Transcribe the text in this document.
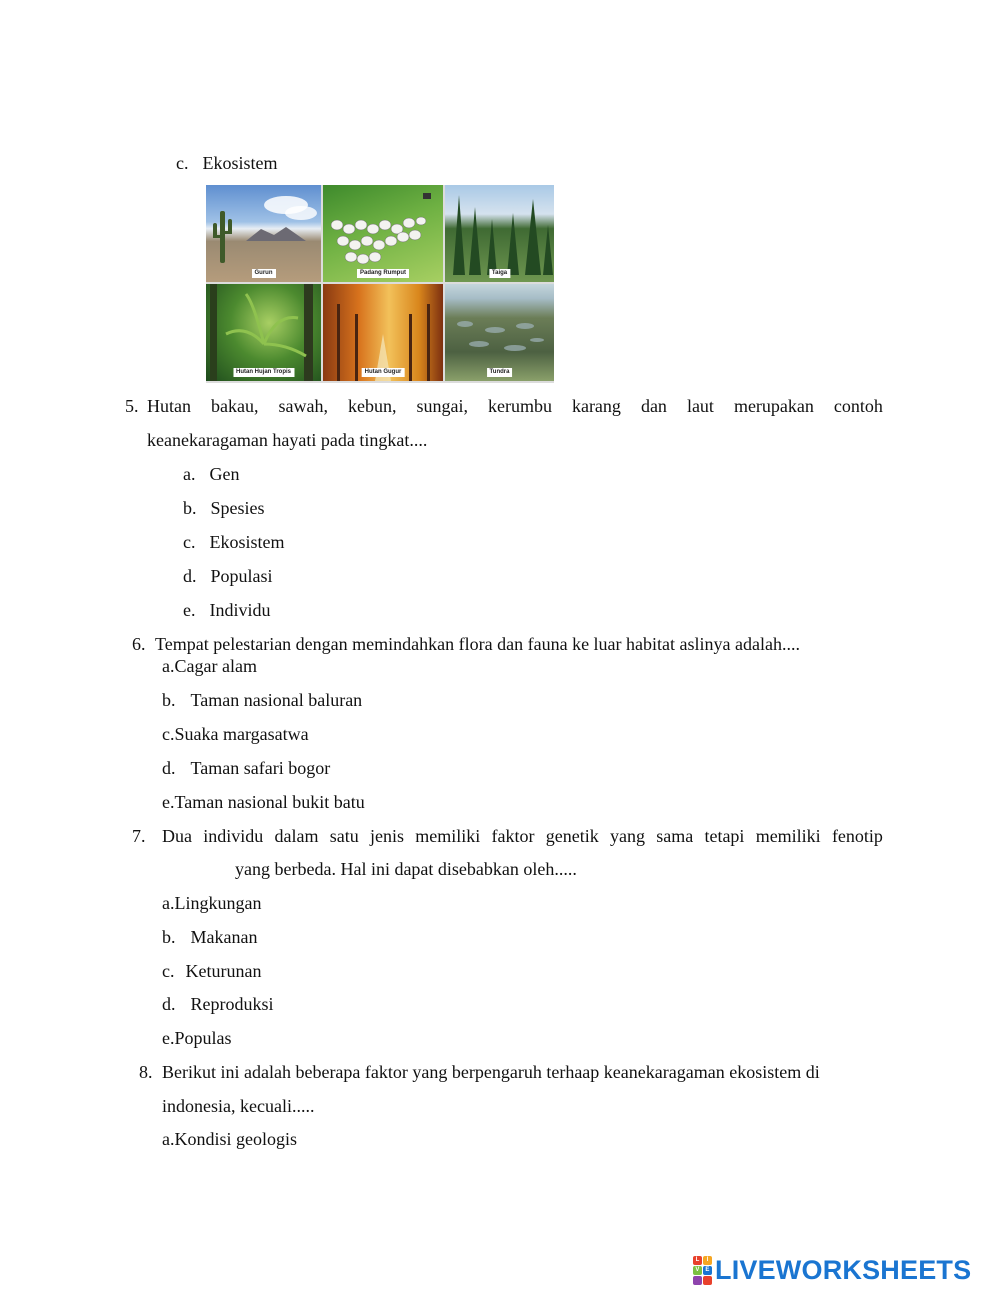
c. Ekosistem
Gurun	Padang Rumput	Taiga
Hutan Hujan Tropis	Hutan Gugur	Tundra
5. Hutan bakau, sawah, kebun, sungai, kerumbu karang dan laut merupakan contoh
keanekaragaman hayati pada tingkat....
a. Gen
b. Spesies
c. Ekosistem
d. Populasi
e. Individu
6. Tempat pelestarian dengan memindahkan flora dan fauna ke luar habitat aslinya adalah....
a.Cagar alam
b. Taman nasional baluran
c.Suaka margasatwa
d. Taman safari bogor
e.Taman nasional bukit batu
7. Dua individu dalam satu jenis memiliki faktor genetik yang sama tetapi memiliki fenotip
yang berbeda. Hal ini dapat disebabkan oleh.....
a.Lingkungan
b. Makanan
c. Keturunan
d. Reproduksi
e.Populas
8. Berikut ini adalah beberapa faktor yang berpengaruh terhaap keanekaragaman ekosistem di
indonesia, kecuali.....
a.Kondisi geologis
L	I
V E LIVEWORKSHEETS
